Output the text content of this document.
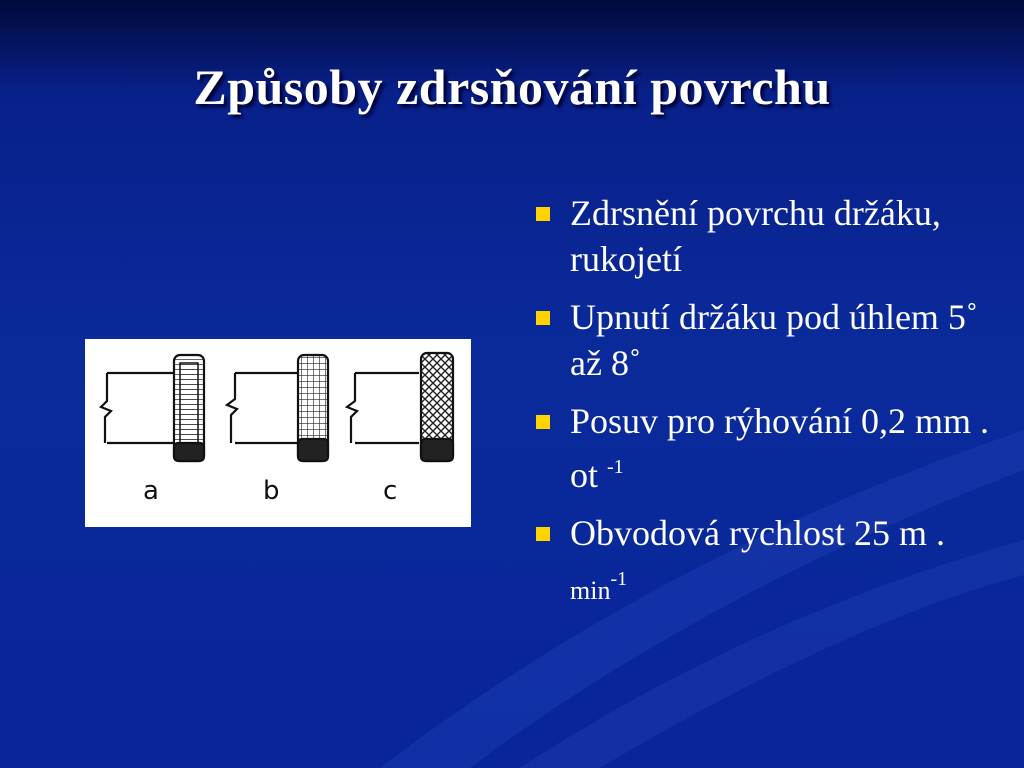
Způsoby zdrsňování povrchu
a	b	c
Zdrsnění povrchu držáku, rukojetí
Upnutí držáku pod úhlem 5˚ až 8˚
Posuv pro rýhování 0,2 mm . ot $^{-1}$
Obvodová rychlost 25 m . $\min^{-1}$
